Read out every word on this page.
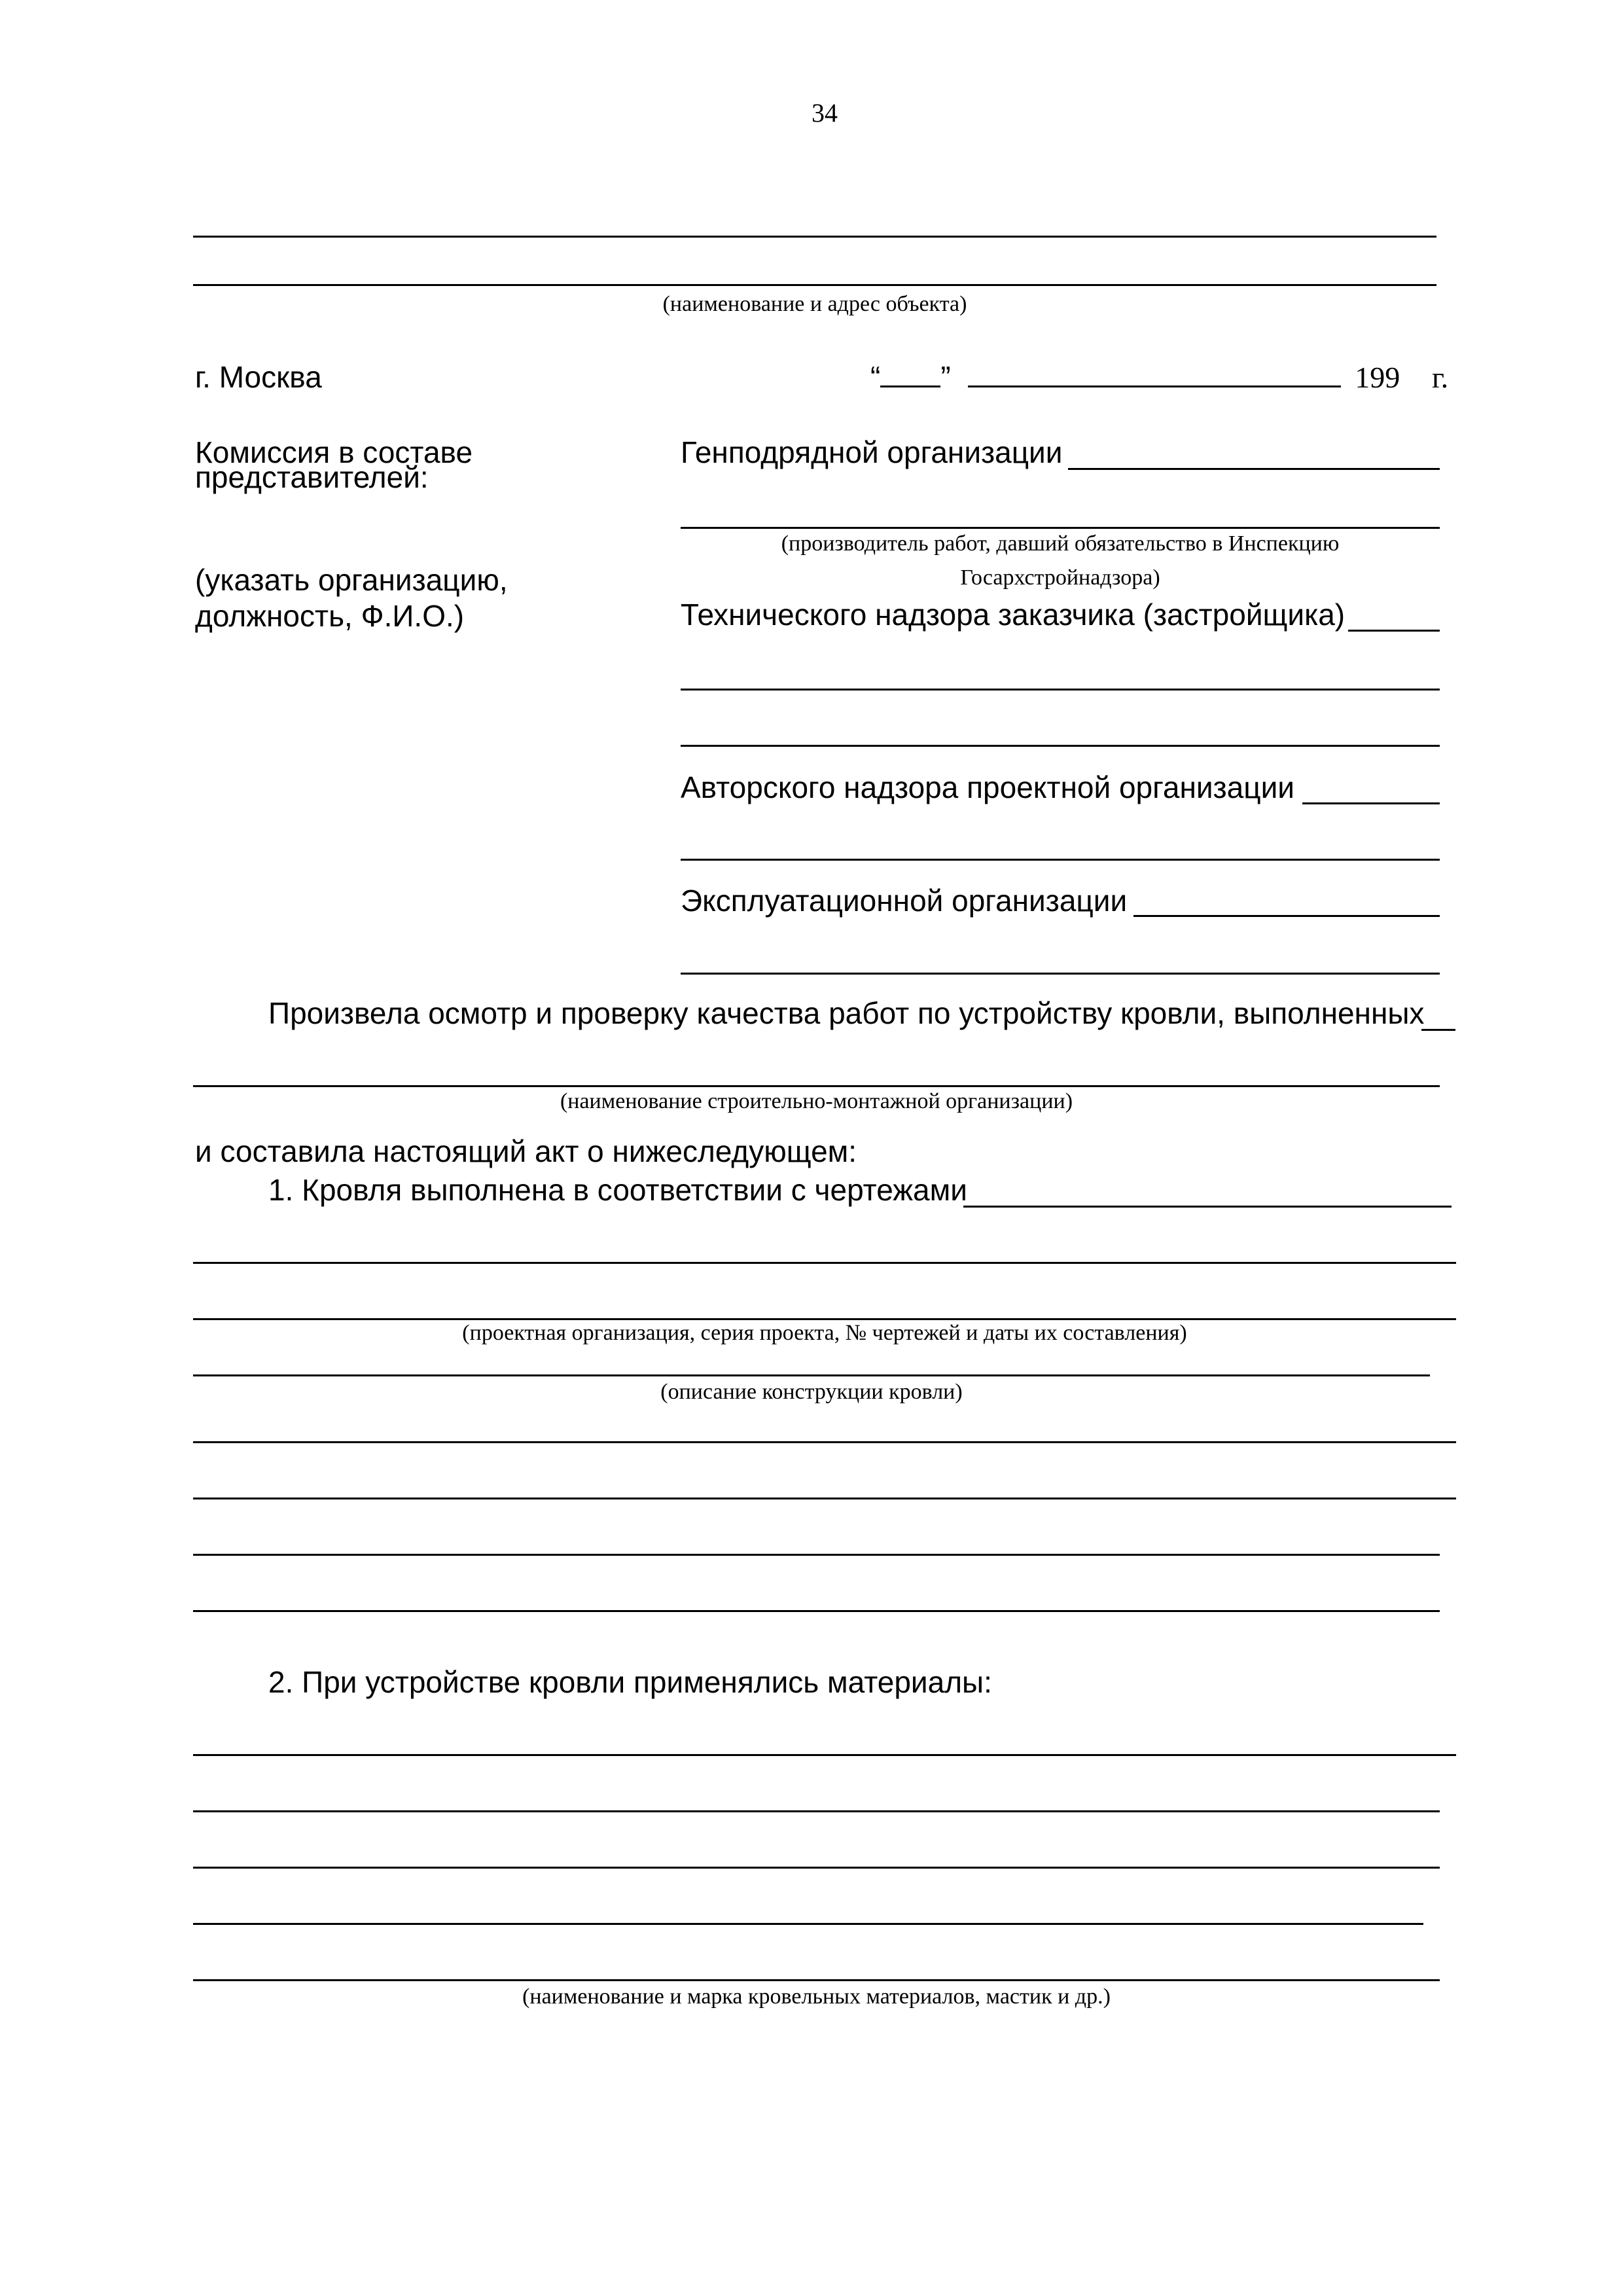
34
(наименование и адрес объекта)
г. Москва	“ ”	199 г.
Комиссия в составе
представителей:
(указать организацию,
должность, Ф.И.О.)
Генподрядной организации
(производитель работ, давший обязательство в Инспекцию
Госархстройнадзора)
Технического надзора заказчика (застройщика)
Авторского надзора проектной организации
Эксплуатационной организации
Произвела осмотр и проверку качества работ по устройству кровли, выполненных
(наименование строительно-монтажной организации)
и составила настоящий акт о нижеследующем:
1. Кровля выполнена в соответствии с чертежами
(проектная организация, серия проекта, № чертежей и даты их составления)
(описание конструкции кровли)
2. При устройстве кровли применялись материалы:
(наименование и марка кровельных материалов, мастик и др.)
